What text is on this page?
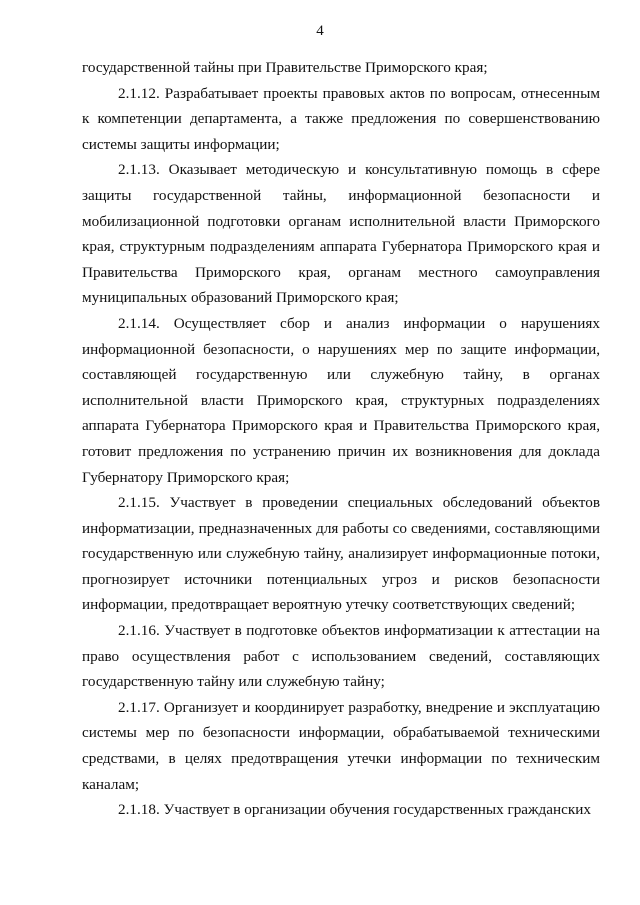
4

государственной тайны при Правительстве Приморского края;

2.1.12. Разрабатывает проекты правовых актов по вопросам, отнесенным к компетенции департамента, а также предложения по совершенствованию системы защиты информации;

2.1.13. Оказывает методическую и консультативную помощь в сфере защиты государственной тайны, информационной безопасности и мобилизационной подготовки органам исполнительной власти Приморского края, структурным подразделениям аппарата Губернатора Приморского края и Правительства Приморского края, органам местного самоуправления муниципальных образований Приморского края;

2.1.14. Осуществляет сбор и анализ информации о нарушениях информационной безопасности, о нарушениях мер по защите информации, составляющей государственную или служебную тайну, в органах исполнительной власти Приморского края, структурных подразделениях аппарата Губернатора Приморского края и Правительства Приморского края, готовит предложения по устранению причин их возникновения для доклада Губернатору Приморского края;

2.1.15. Участвует в проведении специальных обследований объектов информатизации, предназначенных для работы со сведениями, составляющими государственную или служебную тайну, анализирует информационные потоки, прогнозирует источники потенциальных угроз и рисков безопасности информации, предотвращает вероятную утечку соответствующих сведений;

2.1.16. Участвует в подготовке объектов информатизации к аттестации на право осуществления работ с использованием сведений, составляющих государственную тайну или служебную тайну;

2.1.17. Организует и координирует разработку, внедрение и эксплуатацию системы мер по безопасности информации, обрабатываемой техническими средствами, в целях предотвращения утечки информации по техническим каналам;

2.1.18. Участвует в организации обучения государственных гражданских
